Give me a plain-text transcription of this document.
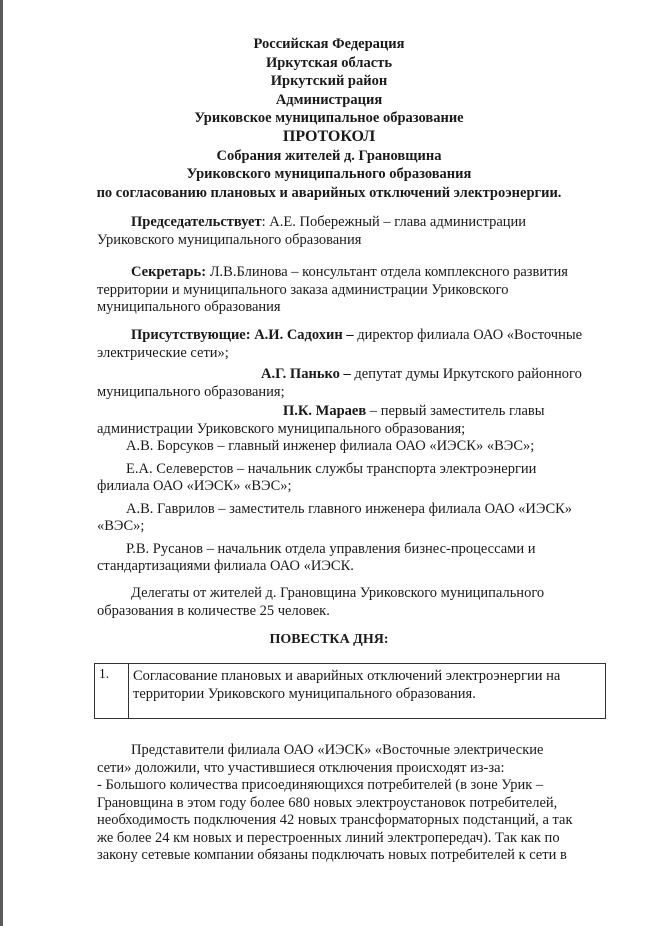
Российская Федерация
Иркутская область
Иркутский район
Администрация
Уриковское муниципальное образование
ПРОТОКОЛ
Собрания жителей д. Грановщина
Уриковского муниципального образования
по согласованию плановых и аварийных отключений электроэнергии.
Председательствует: А.Е. Побережный – глава администрации
Уриковского муниципального образования
Секретарь: Л.В.Блинова – консультант отдела комплексного развития
территории и муниципального заказа администрации Уриковского
муниципального образования
Присутствующие: А.И. Садохин – директор филиала ОАО «Восточные
электрические сети»;
А.Г. Панько – депутат думы Иркутского районного
муниципального образования;
П.К. Мараев – первый заместитель главы
администрации Уриковского муниципального образования;
А.В. Борсуков – главный инженер филиала ОАО «ИЭСК» «ВЭС»;
Е.А. Селеверстов – начальник службы транспорта электроэнергии
филиала ОАО «ИЭСК» «ВЭС»;
А.В. Гаврилов – заместитель главного инженера филиала ОАО «ИЭСК»
«ВЭС»;
Р.В. Русанов – начальник отдела управления бизнес-процессами и
стандартизациями филиала ОАО «ИЭСК.
Делегаты от жителей д. Грановщина Уриковского муниципального
образования в количестве 25 человек.
ПОВЕСТКА ДНЯ:
1.	Согласование плановых и аварийных отключений электроэнергии на
территории Уриковского муниципального образования.
Представители филиала ОАО «ИЭСК» «Восточные электрические
сети» доложили, что участившиеся отключения происходят из-за:
- Большого количества присоединяющихся потребителей (в зоне Урик –
Грановщина в этом году более 680 новых электроустановок потребителей,
необходимость подключения 42 новых трансформаторных подстанций, а так
же более 24 км новых и перестроенных линий электропередач). Так как по
закону сетевые компании обязаны подключать новых потребителей к сети в
